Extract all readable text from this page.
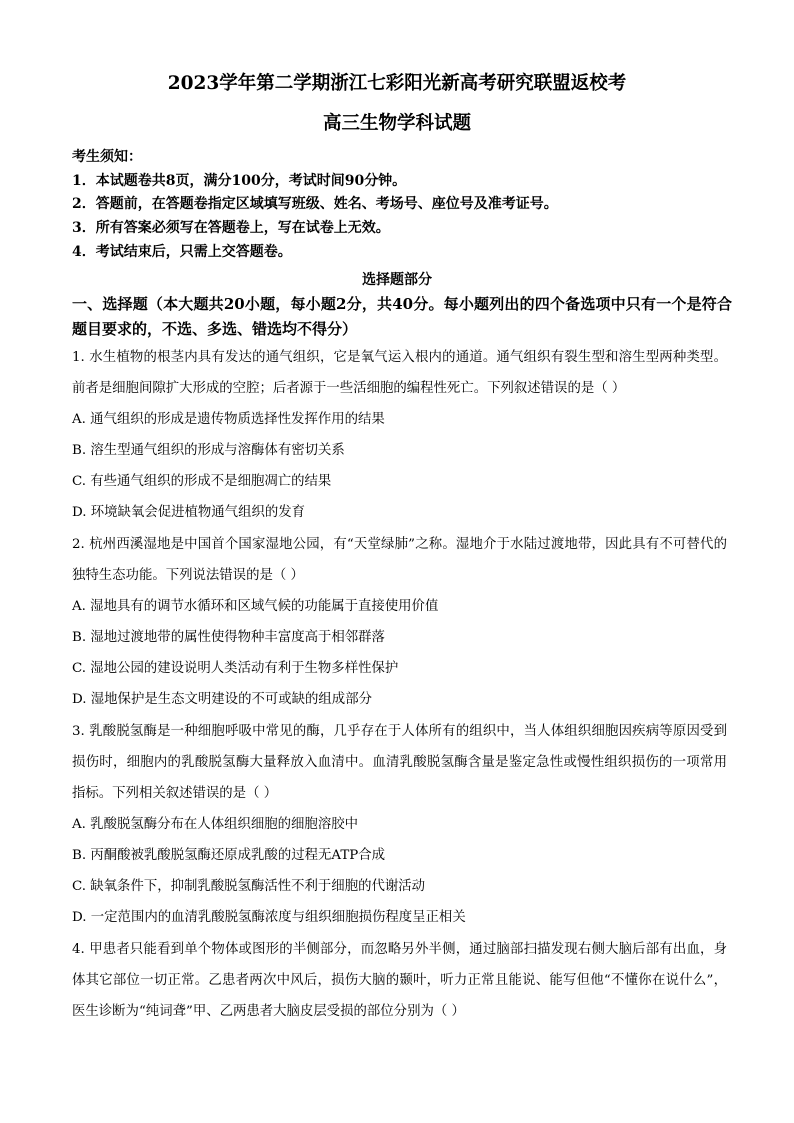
2023学年第二学期浙江七彩阳光新高考研究联盟返校考
高三生物学科试题
考生须知：
1．本试题卷共8页，满分100分，考试时间90分钟。
2．答题前，在答题卷指定区域填写班级、姓名、考场号、座位号及准考证号。
3．所有答案必须写在答题卷上，写在试卷上无效。
4．考试结束后，只需上交答题卷。
选择题部分
一、选择题（本大题共20小题，每小题2分，共40分。每小题列出的四个备选项中只有一个是符合题目要求的，不选、多选、错选均不得分）

1. 水生植物的根茎内具有发达的通气组织，它是氧气运入根内的通道。通气组织有裂生型和溶生型两种类型。前者是细胞间隙扩大形成的空腔；后者源于一些活细胞的编程性死亡。下列叙述错误的是（ ）

A. 通气组织的形成是遗传物质选择性发挥作用的结果

B. 溶生型通气组织的形成与溶酶体有密切关系

C. 有些通气组织的形成不是细胞凋亡的结果

D. 环境缺氧会促进植物通气组织的发育

2. 杭州西溪湿地是中国首个国家湿地公园，有“天堂绿肺”之称。湿地介于水陆过渡地带，因此具有不可替代的独特生态功能。下列说法错误的是（ ）

A. 湿地具有的调节水循环和区域气候的功能属于直接使用价值

B. 湿地过渡地带的属性使得物种丰富度高于相邻群落

C. 湿地公园的建设说明人类活动有利于生物多样性保护

D. 湿地保护是生态文明建设的不可或缺的组成部分

3. 乳酸脱氢酶是一种细胞呼吸中常见的酶，几乎存在于人体所有的组织中，当人体组织细胞因疾病等原因受到损伤时，细胞内的乳酸脱氢酶大量释放入血清中。血清乳酸脱氢酶含量是鉴定急性或慢性组织损伤的一项常用指标。下列相关叙述错误的是（ ）

A. 乳酸脱氢酶分布在人体组织细胞的细胞溶胶中

B. 丙酮酸被乳酸脱氢酶还原成乳酸的过程无ATP合成

C. 缺氧条件下，抑制乳酸脱氢酶活性不利于细胞的代谢活动

D. 一定范围内的血清乳酸脱氢酶浓度与组织细胞损伤程度呈正相关

4. 甲患者只能看到单个物体或图形的半侧部分，而忽略另外半侧，通过脑部扫描发现右侧大脑后部有出血，身体其它部位一切正常。乙患者两次中风后，损伤大脑的颞叶，听力正常且能说、能写但他“不懂你在说什么”，医生诊断为“纯词聋”甲、乙两患者大脑皮层受损的部位分别为（ ）
